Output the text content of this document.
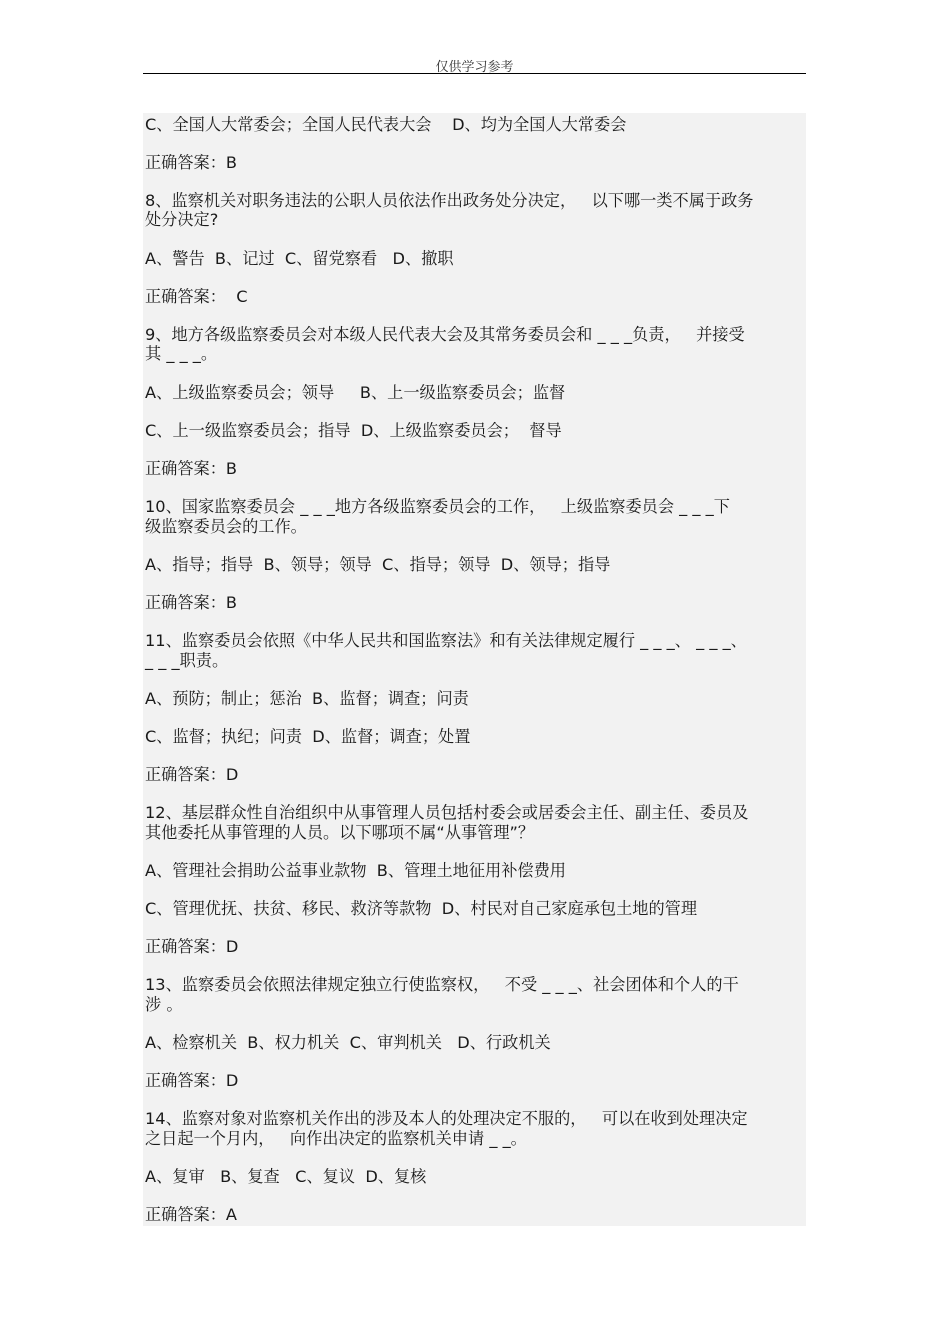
仅供学习参考
C、全国人大常委会；全国人民代表大会    D、均为全国人大常委会
正确答案：B
8、监察机关对职务违法的公职人员依法作出政务处分决定，   以下哪一类不属于政务
处分决定?
A、警告  B、记过  C、留党察看   D、撤职
正确答案：  C
9、地方各级监察委员会对本级人民代表大会及其常务委员会和 _ _ _负责，   并接受
其 _ _ _。
A、上级监察委员会；领导     B、上一级监察委员会；监督
C、上一级监察委员会；指导  D、上级监察委员会；  督导
正确答案：B
10、国家监察委员会 _ _ _地方各级监察委员会的工作，   上级监察委员会 _ _ _下
级监察委员会的工作。
A、指导；指导  B、领导；领导  C、指导；领导  D、领导；指导
正确答案：B
11、监察委员会依照《中华人民共和国监察法》和有关法律规定履行 _ _ _、 _ _ _、
_ _ _职责。
A、预防；制止；惩治  B、监督；调查；问责
C、监督；执纪；问责  D、监督；调查；处置
正确答案：D
12、基层群众性自治组织中从事管理人员包括村委会或居委会主任、副主任、委员及
其他委托从事管理的人员。以下哪项不属“从事管理”？
A、管理社会捐助公益事业款物  B、管理土地征用补偿费用
C、管理优抚、扶贫、移民、救济等款物  D、村民对自己家庭承包土地的管理
正确答案：D
13、监察委员会依照法律规定独立行使监察权，   不受 _ _ _、社会团体和个人的干
涉 。
A、检察机关  B、权力机关  C、审判机关   D、行政机关
正确答案：D
14、监察对象对监察机关作出的涉及本人的处理决定不服的，   可以在收到处理决定
之日起一个月内，   向作出决定的监察机关申请 _ _。
A、复审   B、复查   C、复议  D、复核
正确答案：A
